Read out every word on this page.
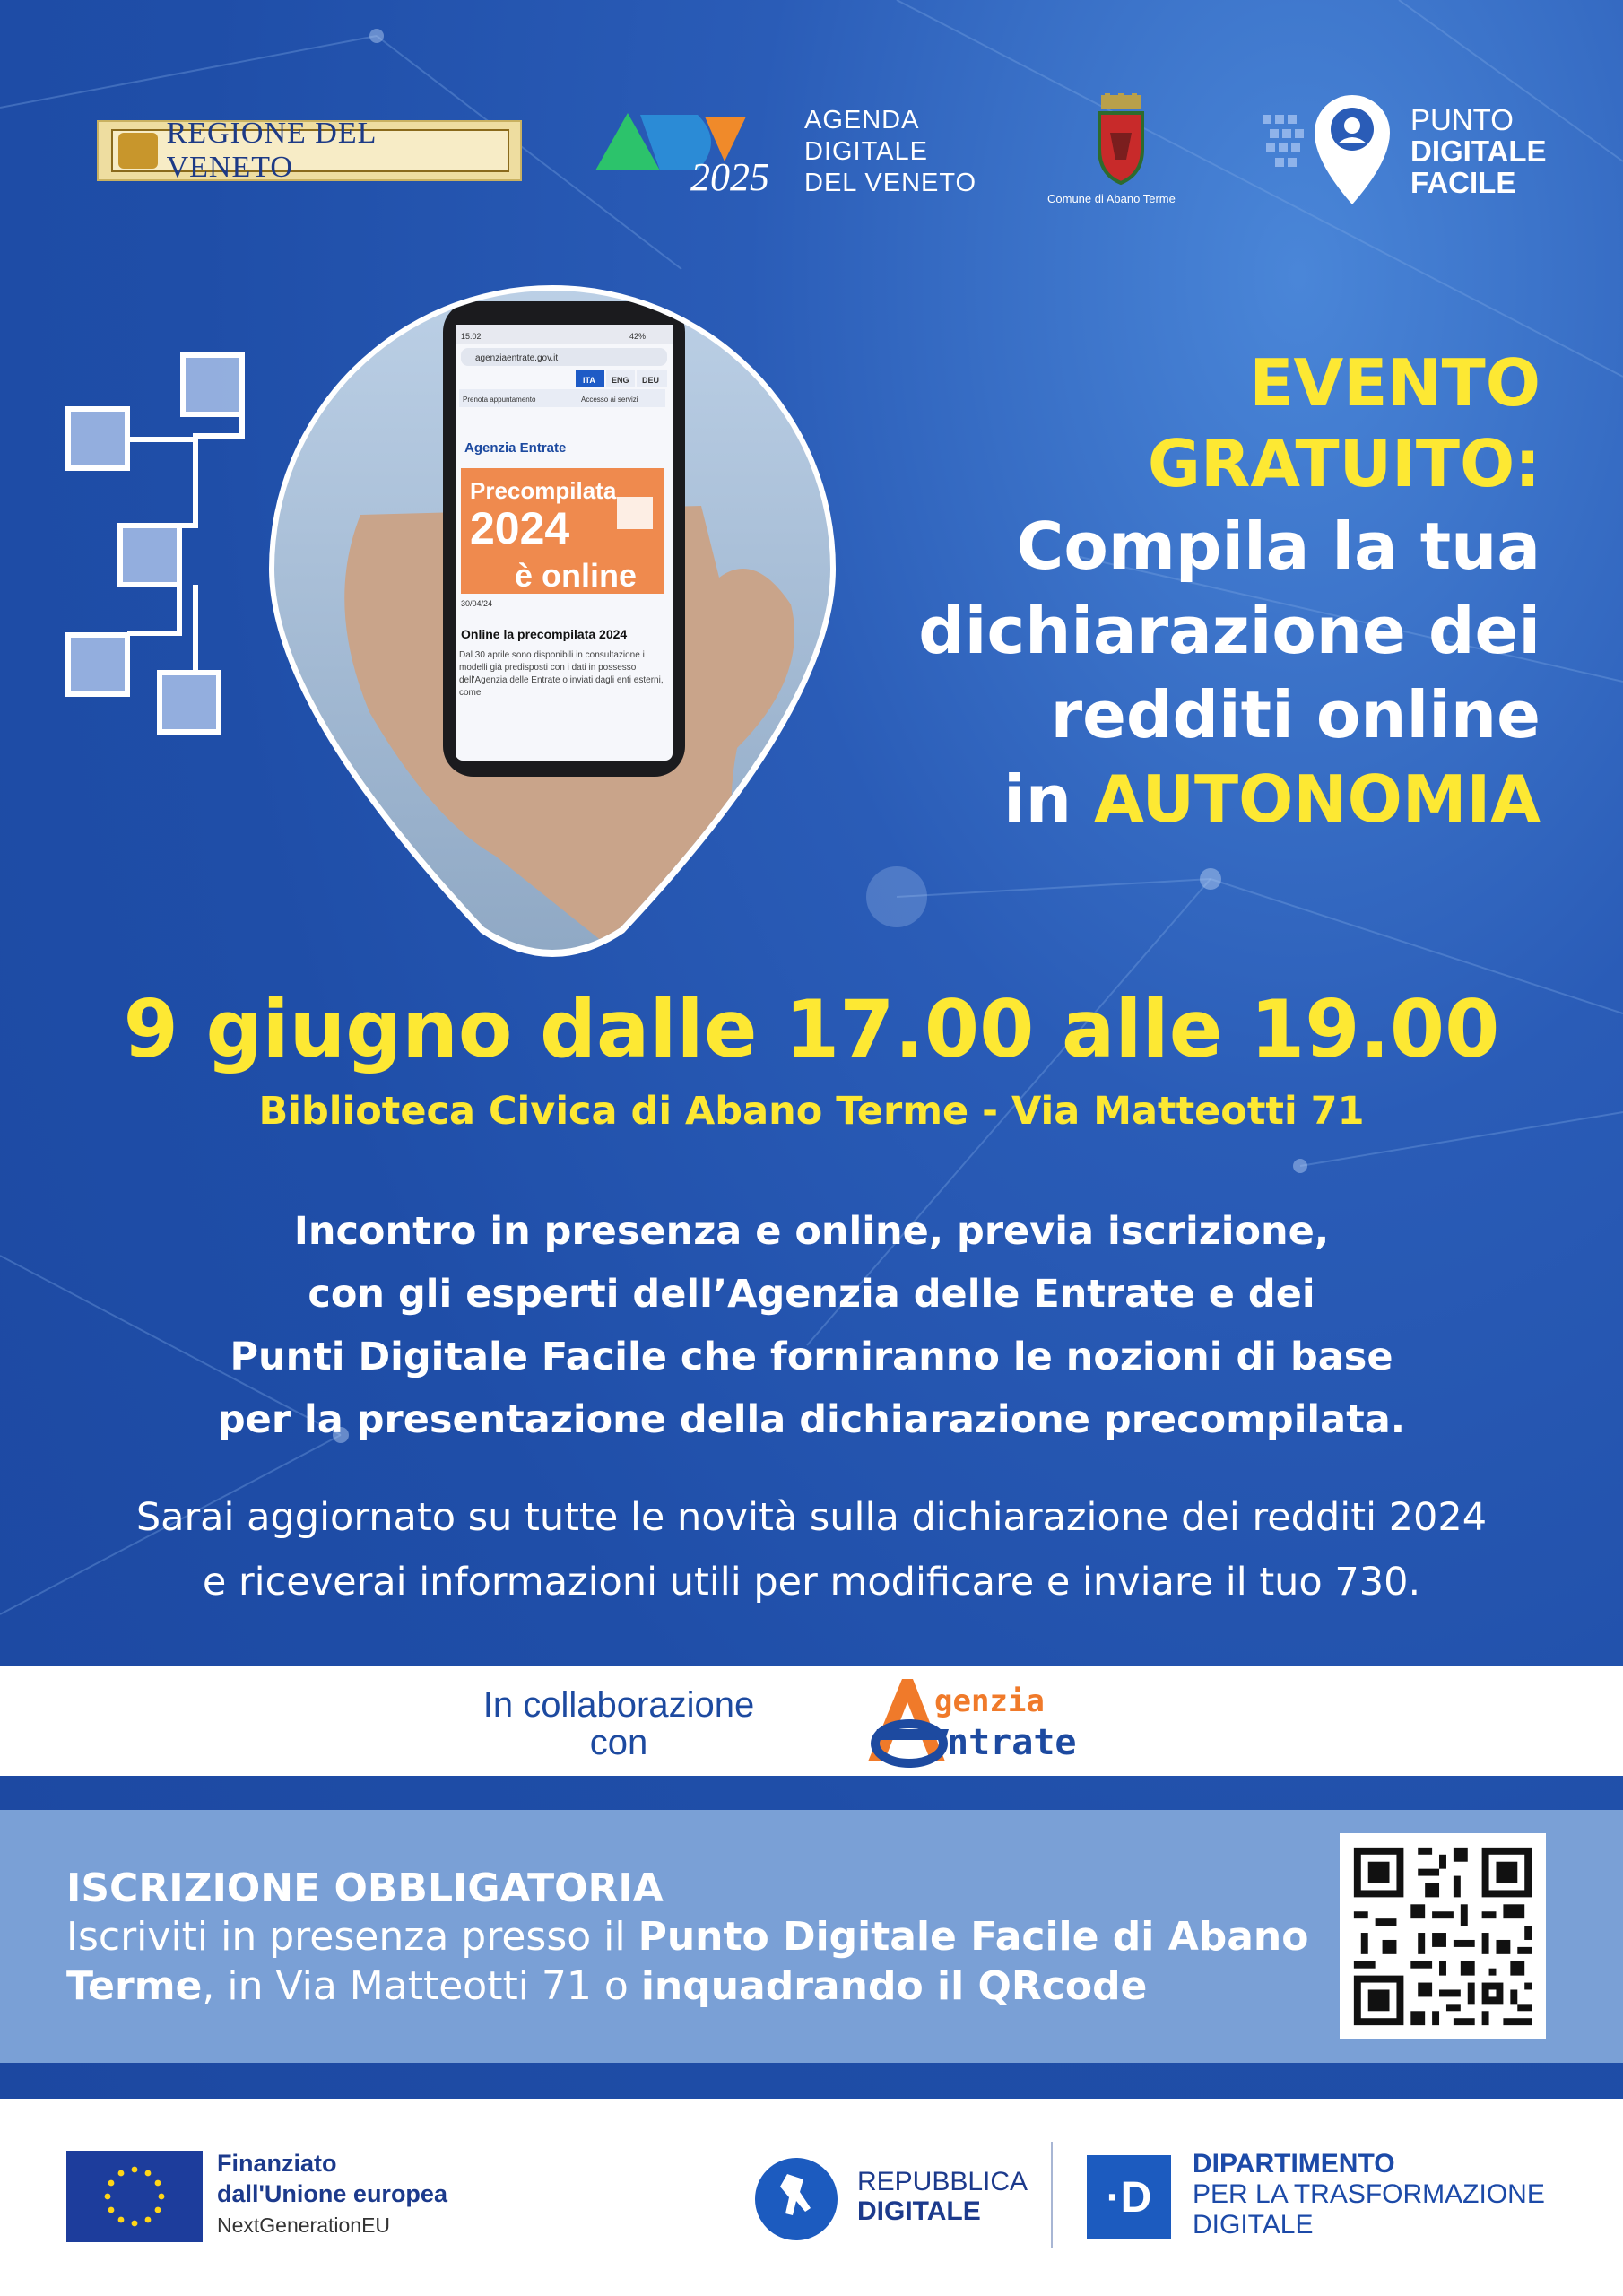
REGIONE DEL VENETO	2025
AGENDA
DIGITALE
DEL VENETO
Comune di Abano Terme
PUNTO
DIGITALE
FACILE
15:02	42%
agenziaentrate.gov.it
ITA ENG DEU
Prenota appuntamento	Accesso ai servizi
Agenzia Entrate
Precompilata
2024
è online
30/04/24
Online la precompilata 2024
Dal 30 aprile sono disponibili in consultazione i modelli già predisposti con i dati in possesso dell'Agenzia delle Entrate o inviati dagli enti esterni, come
EVENTO
GRATUITO:
Compila la tua
dichiarazione dei
redditi online
in AUTONOMIA
9 giugno dalle 17.00 alle 19.00
Biblioteca Civica di Abano Terme - Via Matteotti 71
Incontro in presenza e online, previa iscrizione,
con gli esperti dell’Agenzia delle Entrate e dei
Punti Digitale Facile che forniranno le nozioni di base
per la presentazione della dichiarazione precompilata.
Sarai aggiornato su tutte le novità sulla dichiarazione dei redditi 2024
e riceverai informazioni utili per modificare e inviare il tuo 730.
In collaborazione
con
genzia
ntrate
ISCRIZIONE OBBLIGATORIA
Iscriviti in presenza presso il Punto Digitale Facile di Abano
Terme, in Via Matteotti 71 o inquadrando il QRcode
Finanziato
dall'Unione europea
NextGenerationEU
REPUBBLICA
DIGITALE	·D
DIPARTIMENTO
PER LA TRASFORMAZIONE
DIGITALE
